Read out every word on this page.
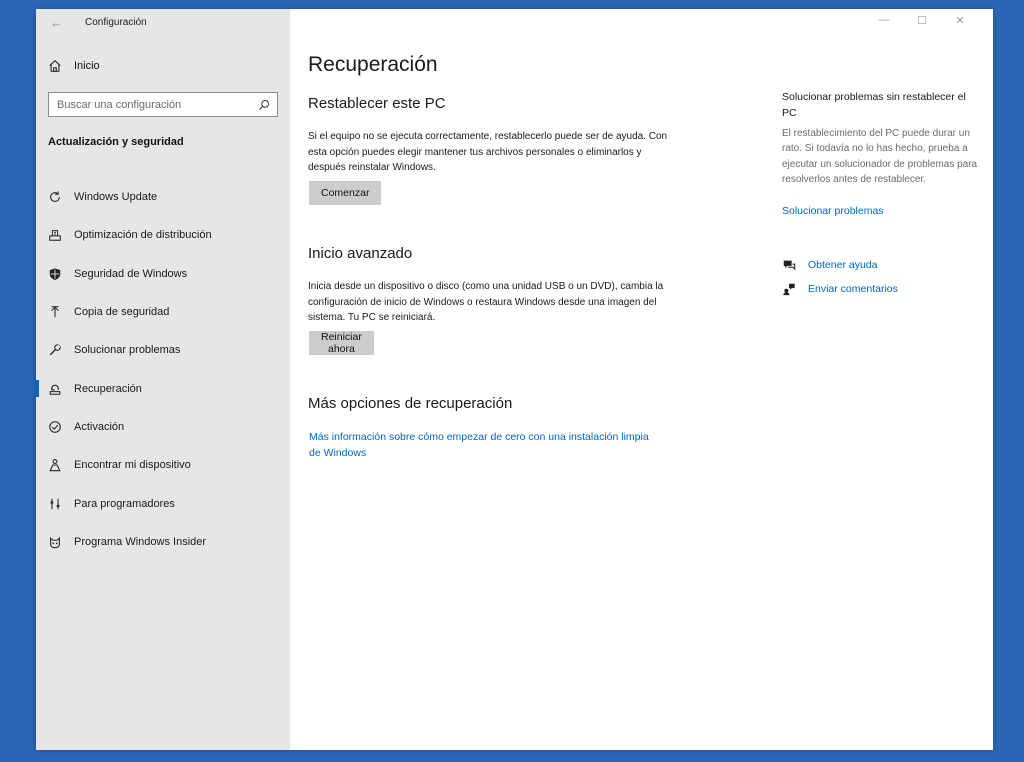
← Configuración
Inicio
Buscar una configuración
Actualización y seguridad
Windows Update
Optimización de distribución
Seguridad de Windows
Copia de seguridad
Solucionar problemas
Recuperación
Activación
Encontrar mi dispositivo
Para programadores
Programa Windows Insider
—	☐	✕
Recuperación
Restablecer este PC

Si el equipo no se ejecuta correctamente, restablecerlo puede ser de ayuda. Con esta opción puedes elegir mantener tus archivos personales o eliminarlos y después reinstalar Windows.

Comenzar
Inicio avanzado

Inicia desde un dispositivo o disco (como una unidad USB o un DVD), cambia la configuración de inicio de Windows o restaura Windows desde una imagen del sistema. Tu PC se reiniciará.

Reiniciar ahora
Más opciones de recuperación
Más información sobre cómo empezar de cero con una instalación limpia de Windows
Solucionar problemas sin restablecer el PC
El restablecimiento del PC puede durar un rato. Si todavía no lo has hecho, prueba a ejecutar un solucionador de problemas para resolverlos antes de restablecer.
Solucionar problemas
Obtener ayuda
Enviar comentarios
